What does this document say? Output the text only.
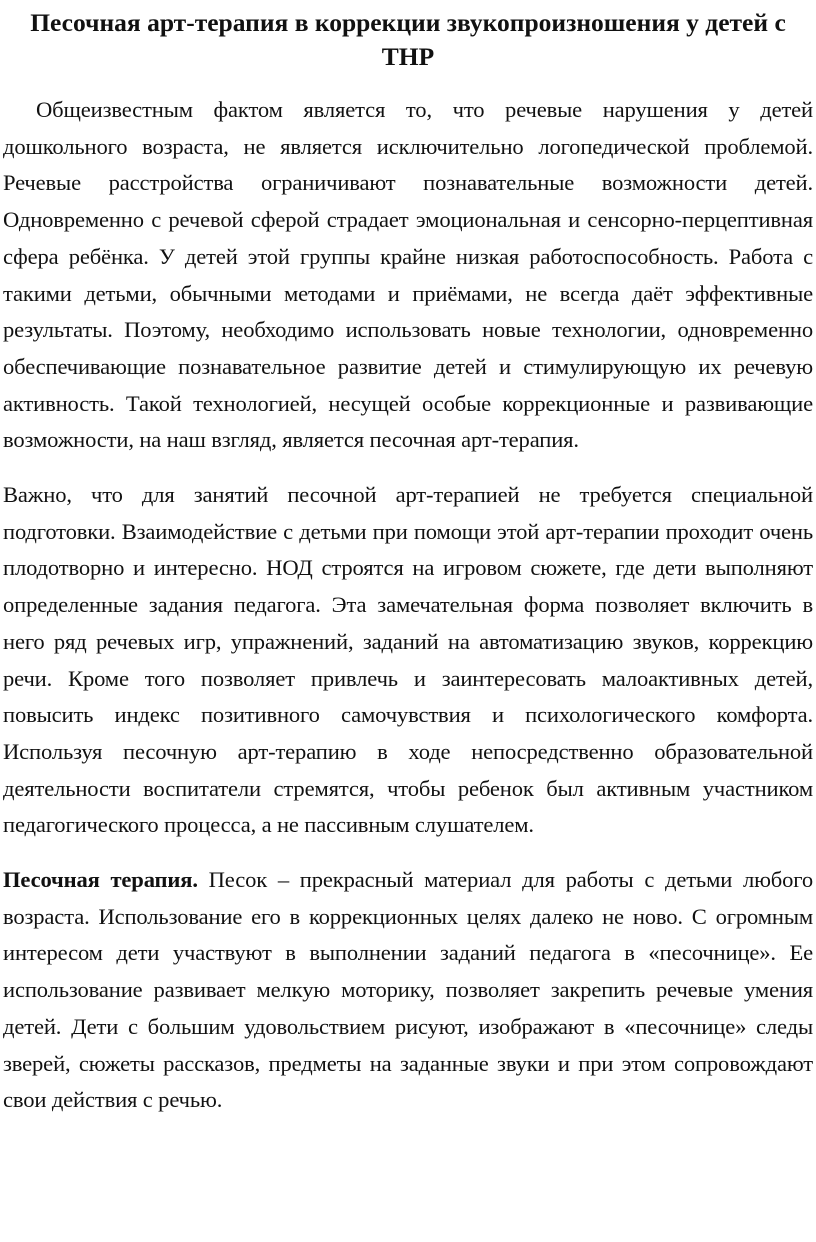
Песочная арт-терапия в коррекции звукопроизношения у детей с ТНР

Общеизвестным фактом является то, что речевые нарушения у детей дошкольного возраста, не является исключительно логопедической проблемой. Речевые расстройства ограничивают познавательные возможности детей. Одновременно с речевой сферой страдает эмоциональная и сенсорно-перцептивная сфера ребёнка. У детей этой группы крайне низкая работоспособность. Работа с такими детьми, обычными методами и приёмами, не всегда даёт эффективные результаты. Поэтому, необходимо использовать новые технологии, одновременно обеспечивающие познавательное развитие детей и стимулирующую их речевую активность. Такой технологией, несущей особые коррекционные и развивающие возможности, на наш взгляд, является песочная арт-терапия.

Важно, что для занятий песочной арт-терапией не требуется специальной подготовки. Взаимодействие с детьми при помощи этой арт-терапии проходит очень плодотворно и интересно. НОД строятся на игровом сюжете, где дети выполняют определенные задания педагога. Эта замечательная форма позволяет включить в него ряд речевых игр, упражнений, заданий на автоматизацию звуков, коррекцию речи. Кроме того позволяет привлечь и заинтересовать малоактивных детей, повысить индекс позитивного самочувствия и психологического комфорта. Используя песочную арт-терапию в ходе непосредственно образовательной деятельности воспитатели стремятся, чтобы ребенок был активным участником педагогического процесса, а не пассивным слушателем.

Песочная терапия. Песок – прекрасный материал для работы с детьми любого возраста. Использование его в коррекционных целях далеко не ново. С огромным интересом дети участвуют в выполнении заданий педагога в «песочнице». Ее использование развивает мелкую моторику, позволяет закрепить речевые умения детей. Дети с большим удовольствием рисуют, изображают в «песочнице» следы зверей, сюжеты рассказов, предметы на заданные звуки и при этом сопровождают свои действия с речью.
